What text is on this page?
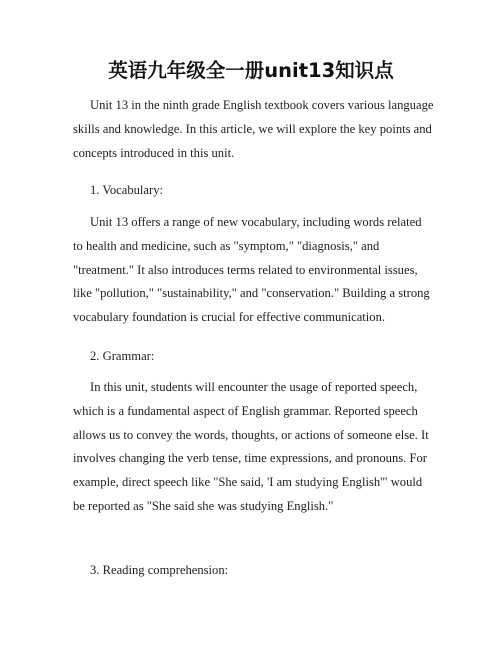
英语九年级全一册unit13知识点
Unit 13 in the ninth grade English textbook covers various language
skills and knowledge. In this article, we will explore the key points and
concepts introduced in this unit.
1. Vocabulary:
Unit 13 offers a range of new vocabulary, including words related
to health and medicine, such as "symptom," "diagnosis," and
"treatment." It also introduces terms related to environmental issues,
like "pollution," "sustainability," and "conservation." Building a strong
vocabulary foundation is crucial for effective communication.
2. Grammar:
In this unit, students will encounter the usage of reported speech,
which is a fundamental aspect of English grammar. Reported speech
allows us to convey the words, thoughts, or actions of someone else. It
involves changing the verb tense, time expressions, and pronouns. For
example, direct speech like "She said, 'I am studying English'" would
be reported as "She said she was studying English."
3. Reading comprehension:
